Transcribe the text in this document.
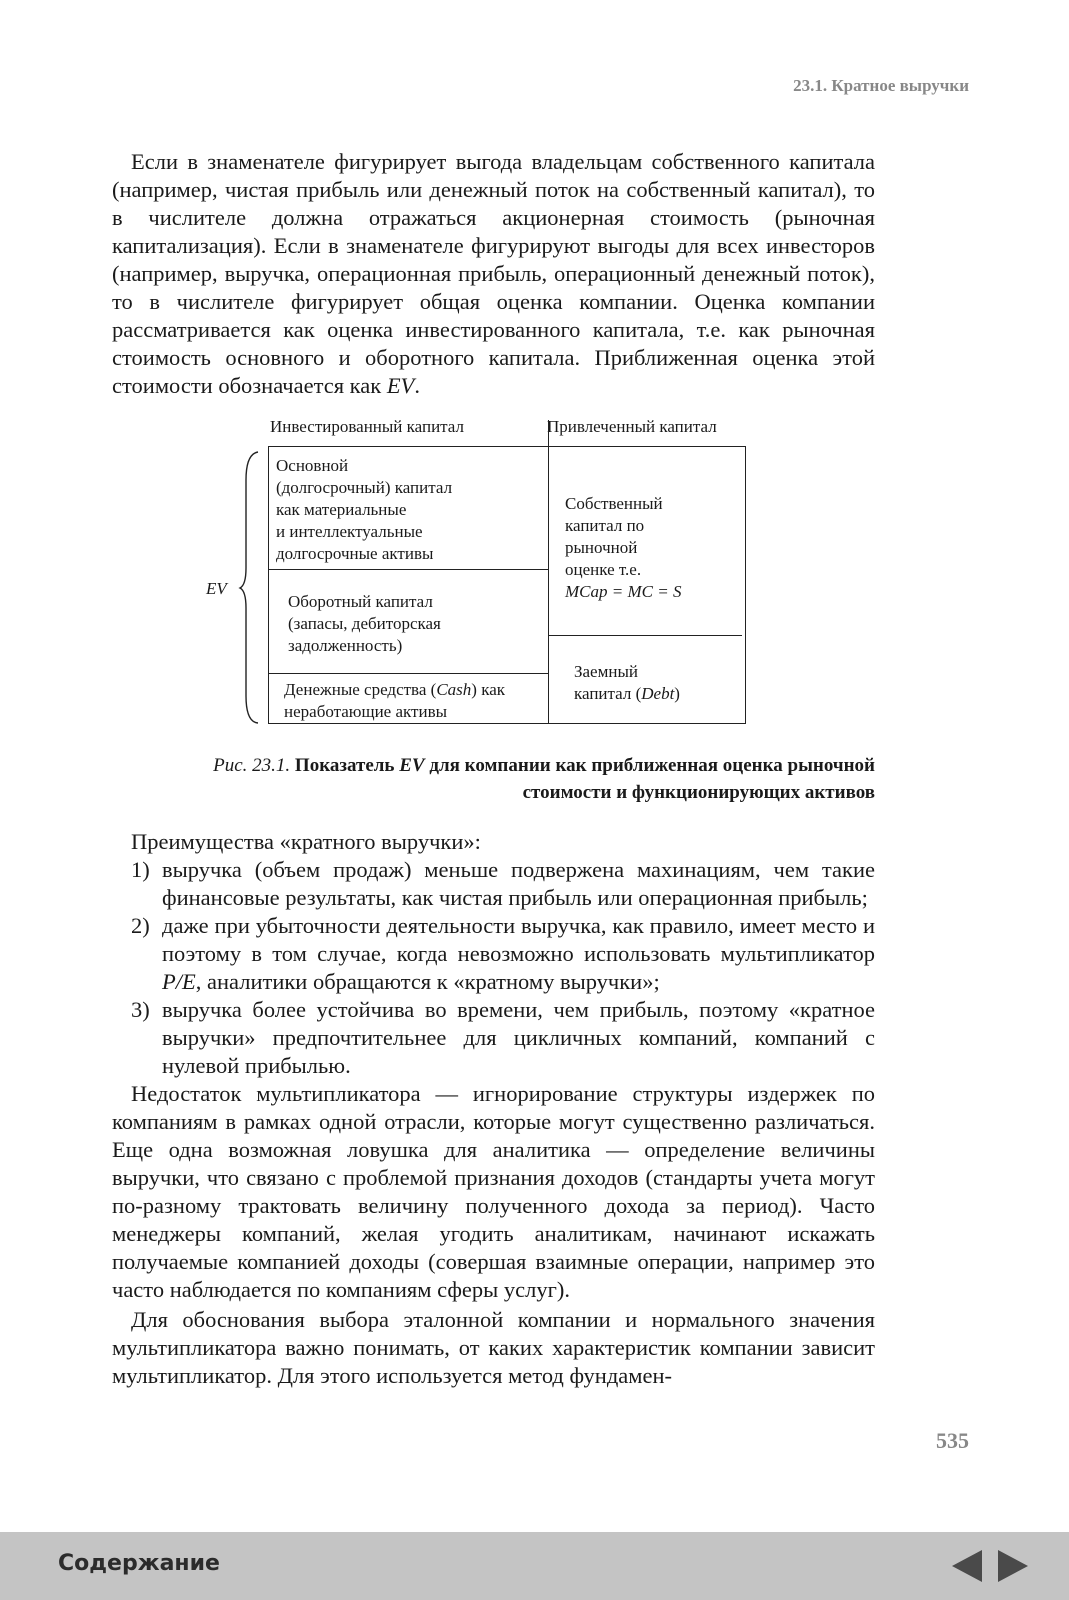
23.1. Кратное выручки

Если в знаменателе фигурирует выгода владельцам собственного капитала (например, чистая прибыль или денежный поток на собственный капитал), то в числителе должна отражаться акционерная стоимость (рыночная капитализация). Если в знаменателе фигурируют выгоды для всех инвесторов (например, выручка, операционная прибыль, операционный денежный поток), то в числителе фигурирует общая оценка компании. Оценка компании рассматривается как оценка инвестированного капитала, т.е. как рыночная стоимость основного и оборотного капитала. Приближенная оценка этой стоимости обозначается как EV.

Инвестированный капитал	Привлеченный капитал
EV
Основной
(долгосрочный) капитал
как материальные
и интеллектуальные
долгосрочные активы
Оборотный капитал
(запасы, дебиторская
задолженность)
Денежные средства (Cash) как
неработающие активы
Собственный
капитал по
рыночной
оценке т.е.
MCap = MC = S
Заемный
капитал (Debt)
Рис. 23.1. Показатель EV для компании как приближенная оценка рыночной
стоимости и функционирующих активов

Преимущества «кратного выручки»:

1) выручка (объем продаж) меньше подвержена махинациям, чем такие финансовые результаты, как чистая прибыль или операционная прибыль;
2) даже при убыточности деятельности выручка, как правило, имеет место и поэтому в том случае, когда невозможно использовать мультипликатор P/E, аналитики обращаются к «кратному выручки»;
3) выручка более устойчива во времени, чем прибыль, поэтому «кратное выручки» предпочтительнее для цикличных компаний, компаний с нулевой прибылью.

Недостаток мультипликатора — игнорирование структуры издержек по компаниям в рамках одной отрасли, которые могут существенно различаться. Еще одна возможная ловушка для аналитика — определение величины выручки, что связано с проблемой признания доходов (стандарты учета могут по-разному трактовать величину полученного дохода за период). Часто менеджеры компаний, желая угодить аналитикам, начинают искажать получаемые компанией доходы (совершая взаимные операции, например это часто наблюдается по компаниям сферы услуг).

Для обоснования выбора эталонной компании и нормального значения мультипликатора важно понимать, от каких характеристик компании зависит мультипликатор. Для этого используется метод фундамен-

535
Содержание
